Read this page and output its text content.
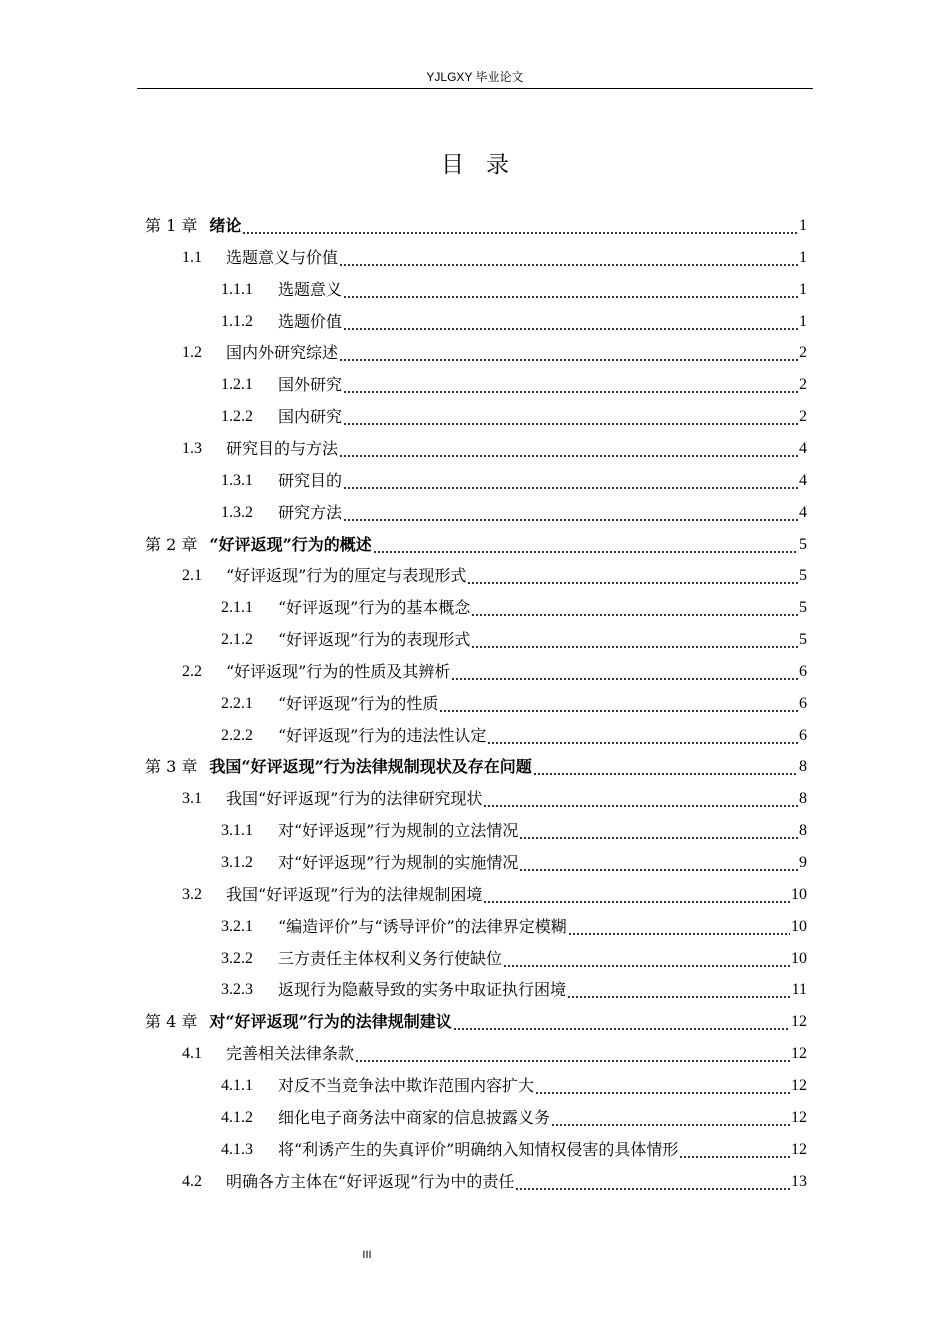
YJLGXY 毕业论文
目录
第 1 章 绪论	1
1.1	选题意义与价值	1
1.1.1	选题意义	1
1.1.2	选题价值	1
1.2	国内外研究综述	2
1.2.1	国外研究	2
1.2.2	国内研究	2
1.3	研究目的与方法	4
1.3.1	研究目的	4
1.3.2	研究方法	4
第 2 章 “好评返现”行为的概述	5
2.1	“好评返现”行为的厘定与表现形式	5
2.1.1	“好评返现”行为的基本概念	5
2.1.2	“好评返现”行为的表现形式	5
2.2	“好评返现”行为的性质及其辨析	6
2.2.1	“好评返现”行为的性质	6
2.2.2	“好评返现”行为的违法性认定	6
第 3 章 我国“好评返现”行为法律规制现状及存在问题	8
3.1	我国“好评返现”行为的法律研究现状	8
3.1.1	对“好评返现”行为规制的立法情况	8
3.1.2	对“好评返现”行为规制的实施情况	9
3.2	我国“好评返现”行为的法律规制困境	10
3.2.1	“编造评价”与“诱导评价”的法律界定模糊	10
3.2.2	三方责任主体权利义务行使缺位	10
3.2.3	返现行为隐蔽导致的实务中取证执行困境	11
第 4 章 对“好评返现”行为的法律规制建议	12
4.1	完善相关法律条款	12
4.1.1	对反不当竞争法中欺诈范围内容扩大	12
4.1.2	细化电子商务法中商家的信息披露义务	12
4.1.3	将“利诱产生的失真评价”明确纳入知情权侵害的具体情形	12
4.2	明确各方主体在“好评返现”行为中的责任	13
III
